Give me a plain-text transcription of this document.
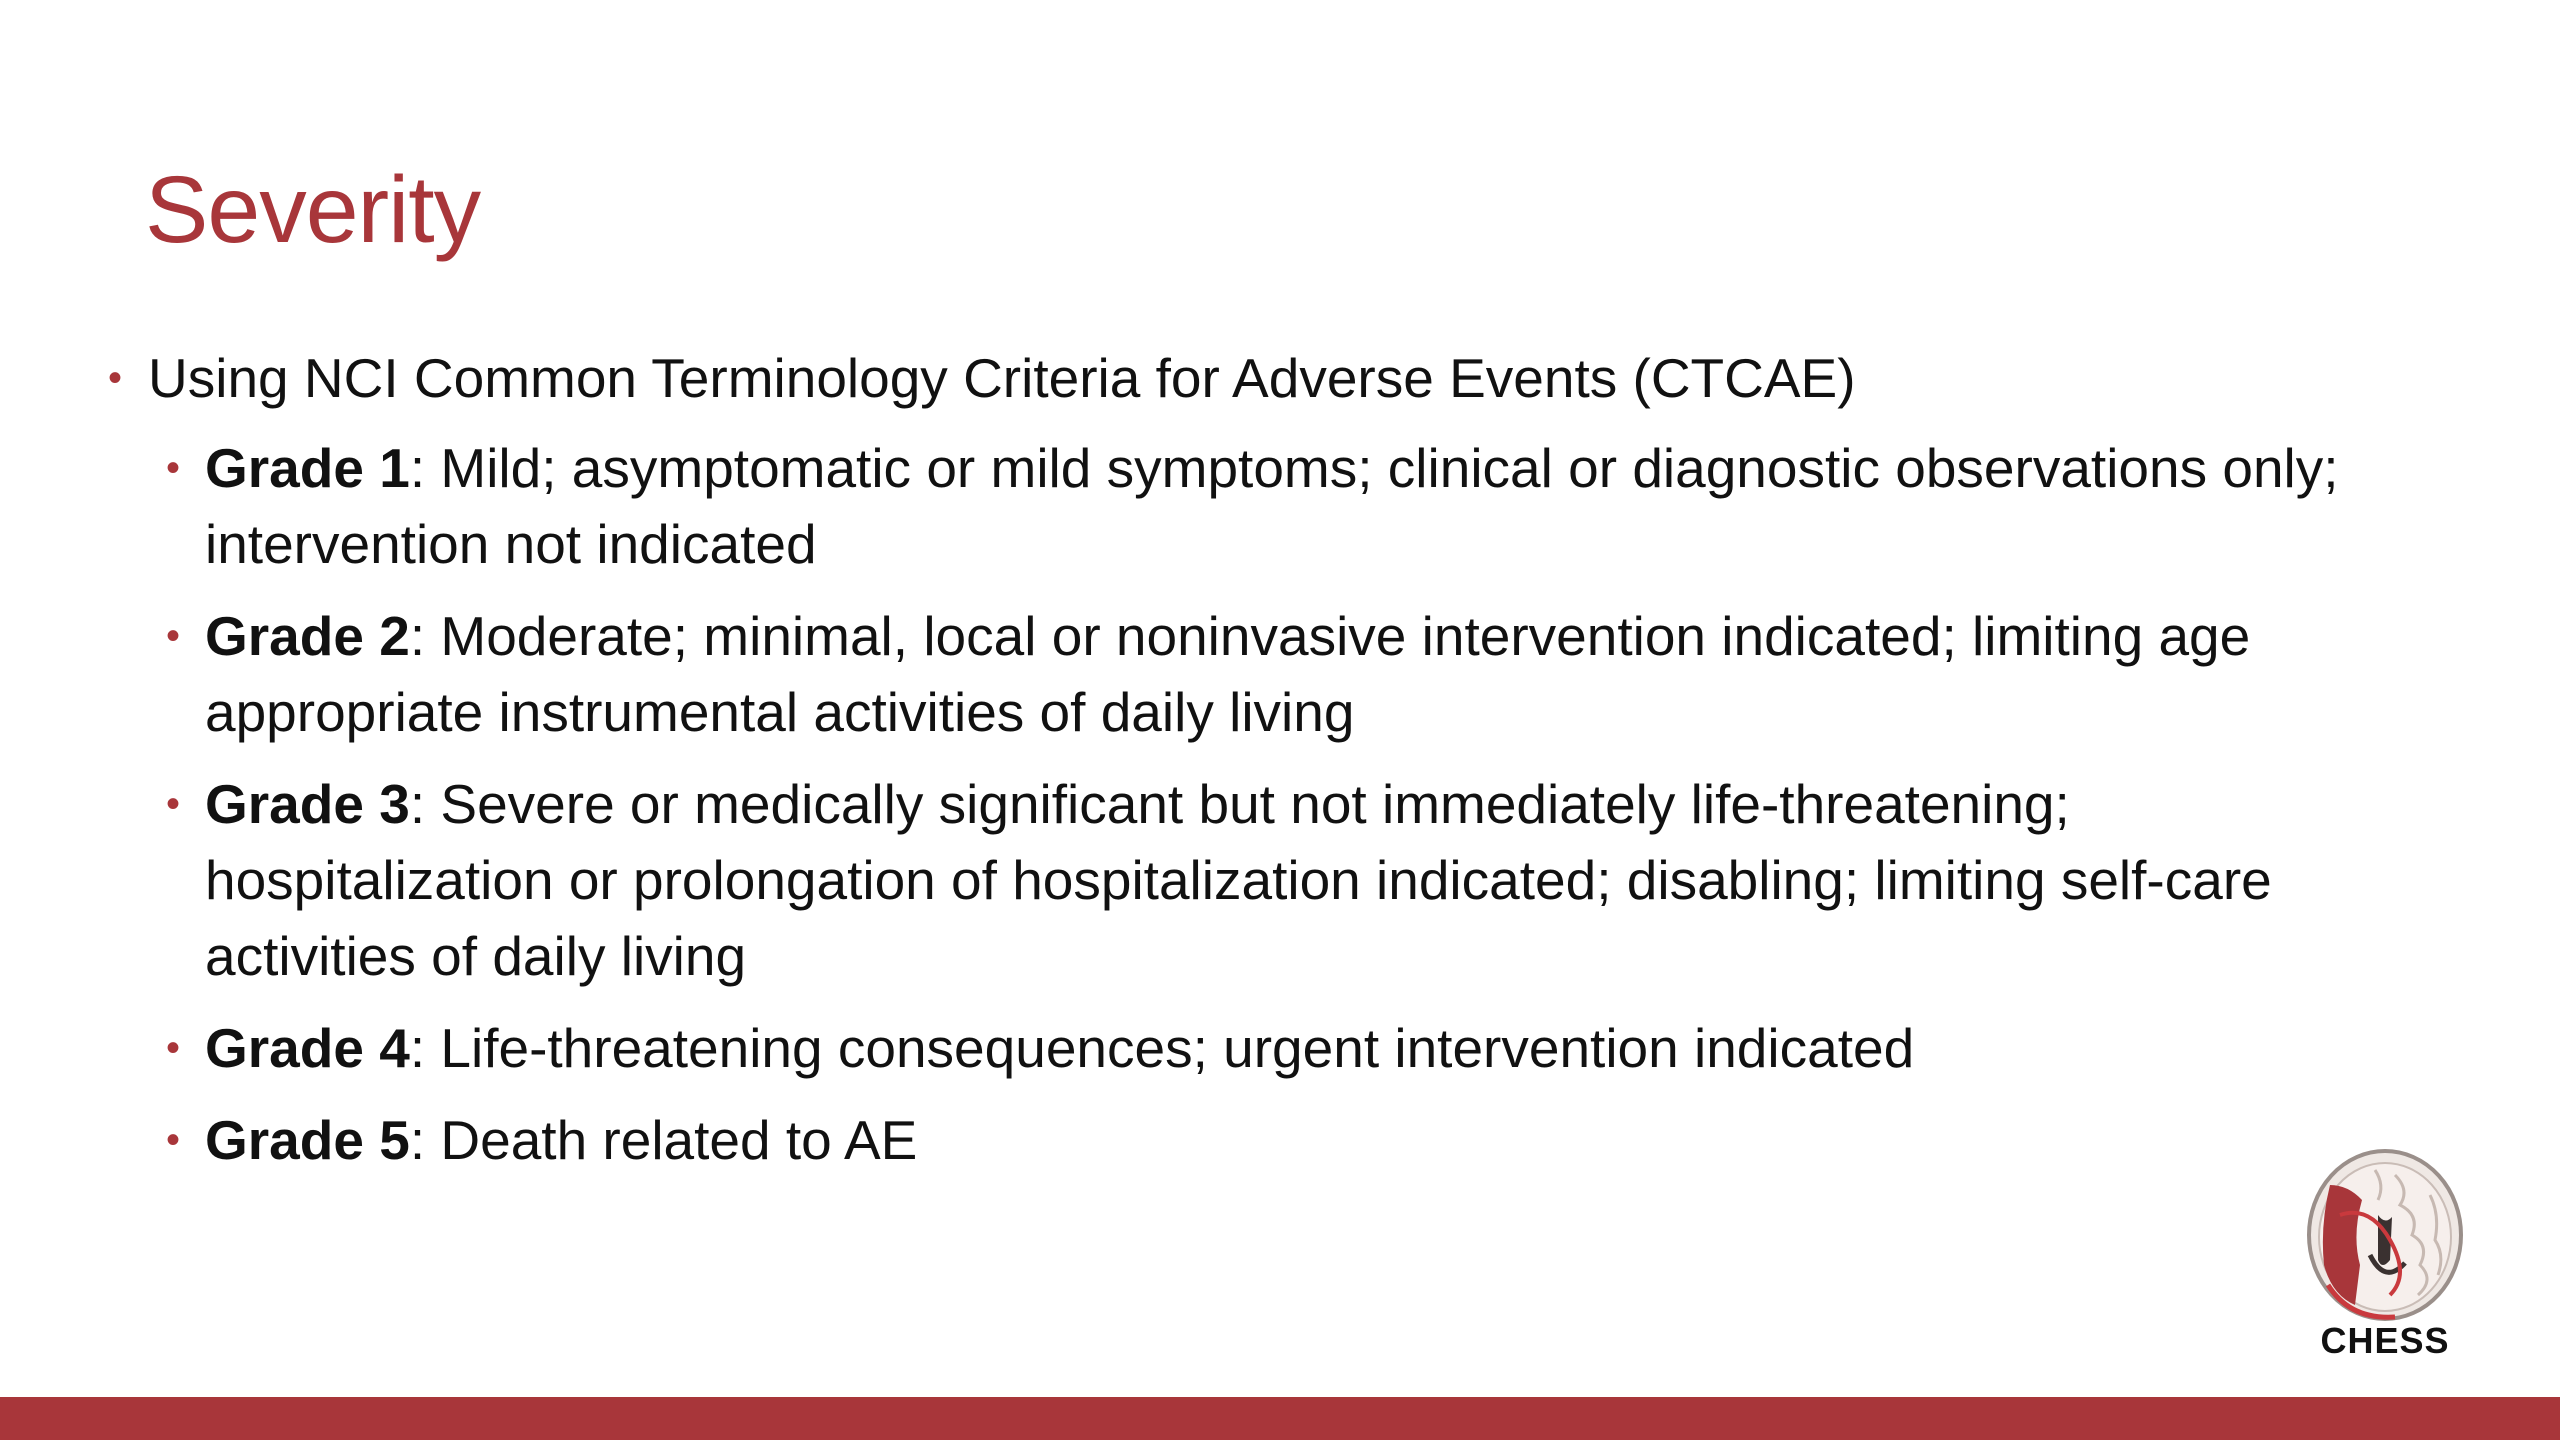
Severity
• Using NCI Common Terminology Criteria for Adverse Events (CTCAE)
• Grade 1: Mild; asymptomatic or mild symptoms; clinical or diagnostic observations only; intervention not indicated
• Grade 2: Moderate; minimal, local or noninvasive intervention indicated; limiting age appropriate instrumental activities of daily living
• Grade 3: Severe or medically significant but not immediately life-threatening; hospitalization or prolongation of hospitalization indicated; disabling; limiting self-care activities of daily living
• Grade 4: Life-threatening consequences; urgent intervention indicated
• Grade 5: Death related to AE
CHESS
